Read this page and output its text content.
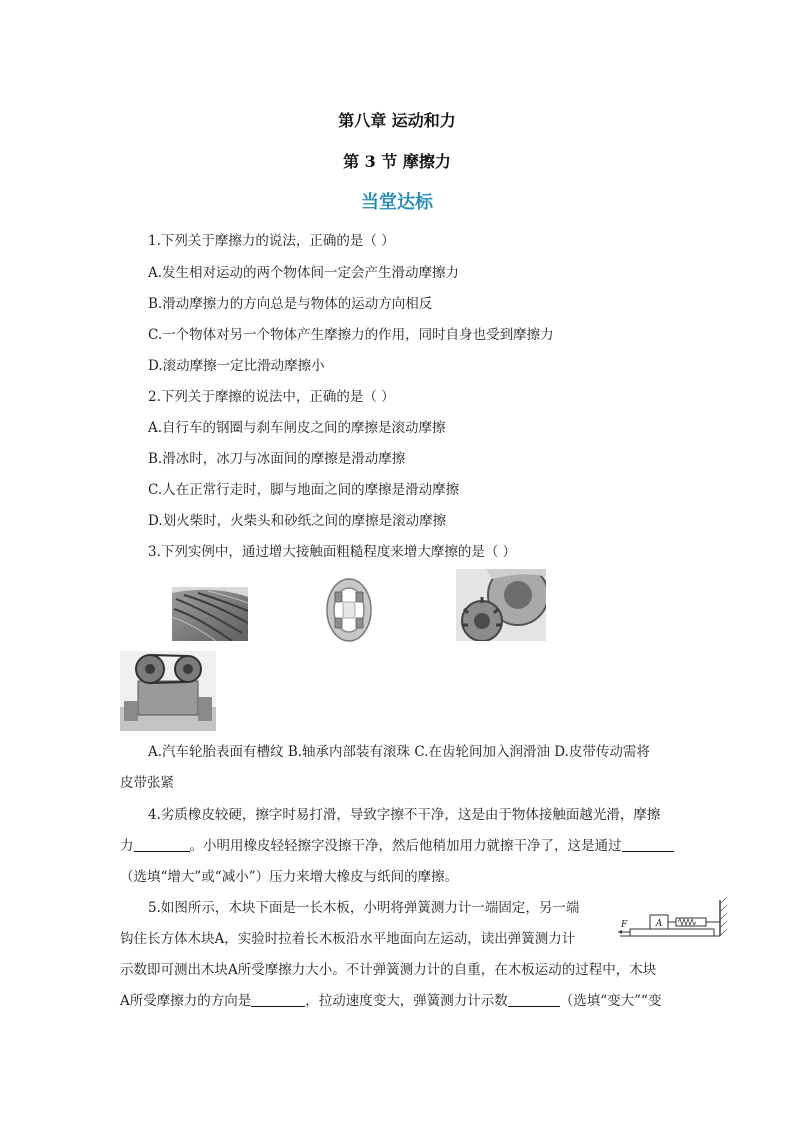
第八章 运动和力
第 3 节 摩擦力
当堂达标
1.下列关于摩擦力的说法，正确的是（ ）
A.发生相对运动的两个物体间一定会产生滑动摩擦力
B.滑动摩擦力的方向总是与物体的运动方向相反
C.一个物体对另一个物体产生摩擦力的作用，同时自身也受到摩擦力
D.滚动摩擦一定比滑动摩擦小
2.下列关于摩擦的说法中，正确的是（ ）
A.自行车的钢圈与刹车闸皮之间的摩擦是滚动摩擦
B.滑冰时，冰刀与冰面间的摩擦是滑动摩擦
C.人在正常行走时，脚与地面之间的摩擦是滑动摩擦
D.划火柴时，火柴头和砂纸之间的摩擦是滚动摩擦
3.下列实例中，通过增大接触面粗糙程度来增大摩擦的是（ ）
A.汽车轮胎表面有槽纹 B.轴承内部装有滚珠 C.在齿轮间加入润滑油 D.皮带传动需将
皮带张紧
4.劣质橡皮较硬，擦字时易打滑，导致字擦不干净，这是由于物体接触面越光滑，摩擦
力	。小明用橡皮轻轻擦字没擦干净，然后他稍加用力就擦干净了，这是通过
（选填“增大”或“减小”）压力来增大橡皮与纸间的摩擦。
5.如图所示，木块下面是一长木板，小明将弹簧测力计一端固定，另一端
钩住长方体木块A，实验时拉着长木板沿水平地面向左运动，读出弹簧测力计
示数即可测出木块A所受摩擦力大小。不计弹簧测力计的自重，在木板运动的过程中，木块
A所受摩擦力的方向是	，拉动速度变大，弹簧测力计示数	（选填“变大”“变
A
F
